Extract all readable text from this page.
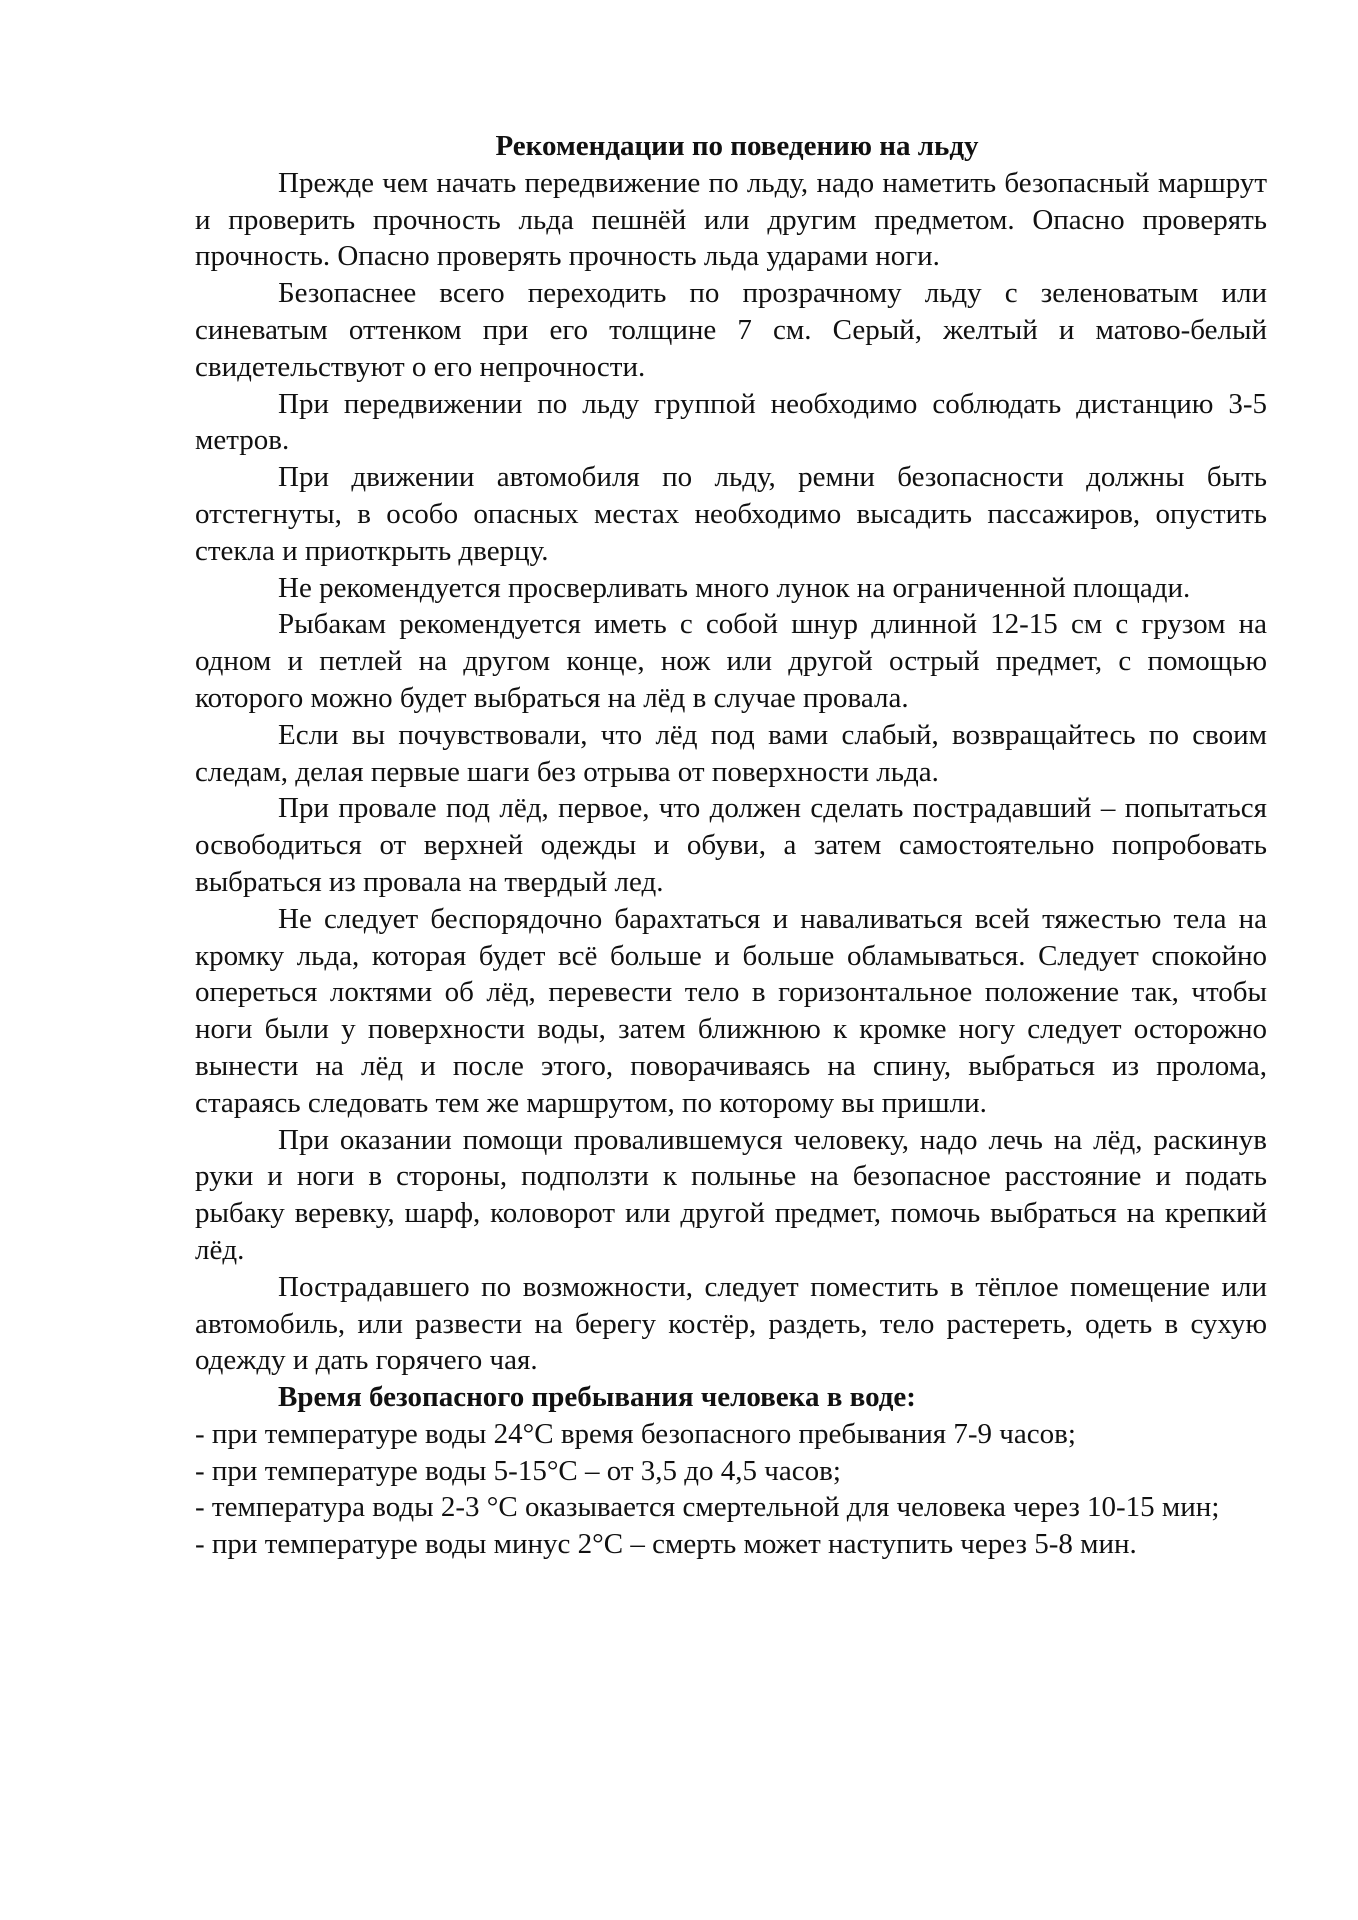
Рекомендации по поведению на льду

Прежде чем начать передвижение по льду, надо наметить безопасный маршрут и проверить прочность льда пешнёй или другим предметом. Опасно проверять прочность. Опасно проверять прочность льда ударами ноги.

Безопаснее всего переходить по прозрачному льду с зеленоватым или синеватым оттенком при его толщине 7 см. Серый, желтый и матово-белый свидетельствуют о его непрочности.

При передвижении по льду группой необходимо соблюдать дистанцию 3-5 метров.

При движении автомобиля по льду, ремни безопасности должны быть отстегнуты, в особо опасных местах необходимо высадить пассажиров, опустить стекла и приоткрыть дверцу.

Не рекомендуется просверливать много лунок на ограниченной площади.

Рыбакам рекомендуется иметь с собой шнур длинной 12-15 см с грузом на одном и петлей на другом конце, нож или другой острый предмет, с помощью которого можно будет выбраться на лёд в случае провала.

Если вы почувствовали, что лёд под вами слабый, возвращайтесь по своим следам, делая первые шаги без отрыва от поверхности льда.

При провале под лёд, первое, что должен сделать пострадавший – попытаться освободиться от верхней одежды и обуви, а затем самостоятельно попробовать выбраться из провала на твердый лед.

Не следует беспорядочно барахтаться и наваливаться всей тяжестью тела на кромку льда, которая будет всё больше и больше обламываться. Следует спокойно опереться локтями об лёд, перевести тело в горизонтальное положение так, чтобы ноги были у поверхности воды, затем ближнюю к кромке ногу следует осторожно вынести на лёд и после этого, поворачиваясь на спину, выбраться из пролома, стараясь следовать тем же маршрутом, по которому вы пришли.

При оказании помощи провалившемуся человеку, надо лечь на лёд, раскинув руки и ноги в стороны, подползти к полынье на безопасное расстояние и подать рыбаку веревку, шарф, коловорот или другой предмет, помочь выбраться на крепкий лёд.

Пострадавшего по возможности, следует поместить в тёплое помещение или автомобиль, или развести на берегу костёр, раздеть, тело растереть, одеть в сухую одежду и дать горячего чая.

Время безопасного пребывания человека в воде:

- при температуре воды 24°С время безопасного пребывания 7-9 часов;
- при температуре воды 5-15°С – от 3,5 до 4,5 часов;
- температура воды 2-3 °С оказывается смертельной для человека через 10-15 мин;
- при температуре воды минус 2°С – смерть может наступить через 5-8 мин.
